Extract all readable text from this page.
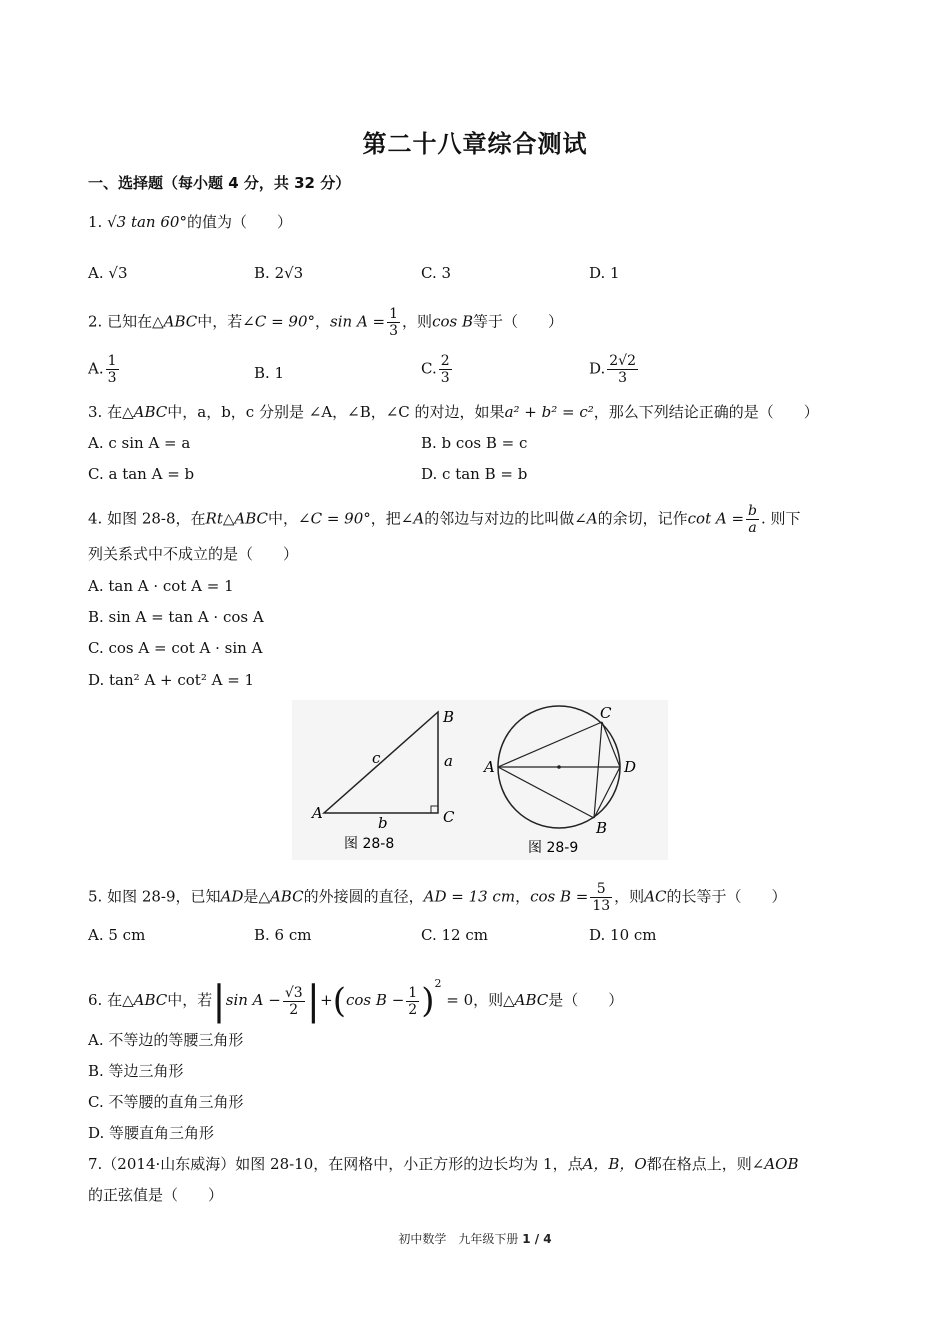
第二十八章综合测试
一、选择题（每小题 4 分，共 32 分）
1. √3 tan 60°的值为（　　）
A. √3	B. 2√3	C. 3	D. 1
2. 已知在△ABC中，若∠C = 90°，$\sin A = \frac{1}{3}$ ，则cos B等于（　　）
A. $\frac{1}{3}$	B. 1	C. $\frac{2}{3}$	D. $\frac{2√2}{3}$
3. 在△ABC中，a，b，c 分别是 ∠A，∠B，∠C 的对边，如果a² + b² = c²，那么下列结论正确的是（　　）
A. c sin A = a	B. b cos B = c
C. a tan A = b	D. c tan B = b
4. 如图 28-8，在Rt△ABC中，∠C = 90°，把∠A的邻边与对边的比叫做∠A的余切，记作$\cot A = \frac{b}{a}$ . 则下
列关系式中不成立的是（　　）
A. tan A · cot A = 1
B. sin A = tan A · cos A
C. cos A = cot A · sin A
D. tan² A + cot² A = 1
A
B
C
a
b
c
图 28-8
A
B
C
D
图 28-9
5. 如图 28-9，已知AD是△ABC的外接圆的直径，AD = 13 cm，$\cos B = \frac{5}{13}$ ，则AC的长等于（　　）
A. 5 cm	B. 6 cm	C. 12 cm	D. 10 cm
6. 在△ABC中，若|sin $A - \frac{√3}{2} |+(\cos$ $B - \frac{1}{2} )^2 = 0$，则△ABC是（　　）
A. 不等边的等腰三角形
B. 等边三角形
C. 不等腰的直角三角形
D. 等腰直角三角形
7.（2014·山东威海）如图 28-10，在网格中，小正方形的边长均为 1，点A，B，O都在格点上，则∠AOB
的正弦值是（　　）
初中数学　九年级下册 1 / 4
